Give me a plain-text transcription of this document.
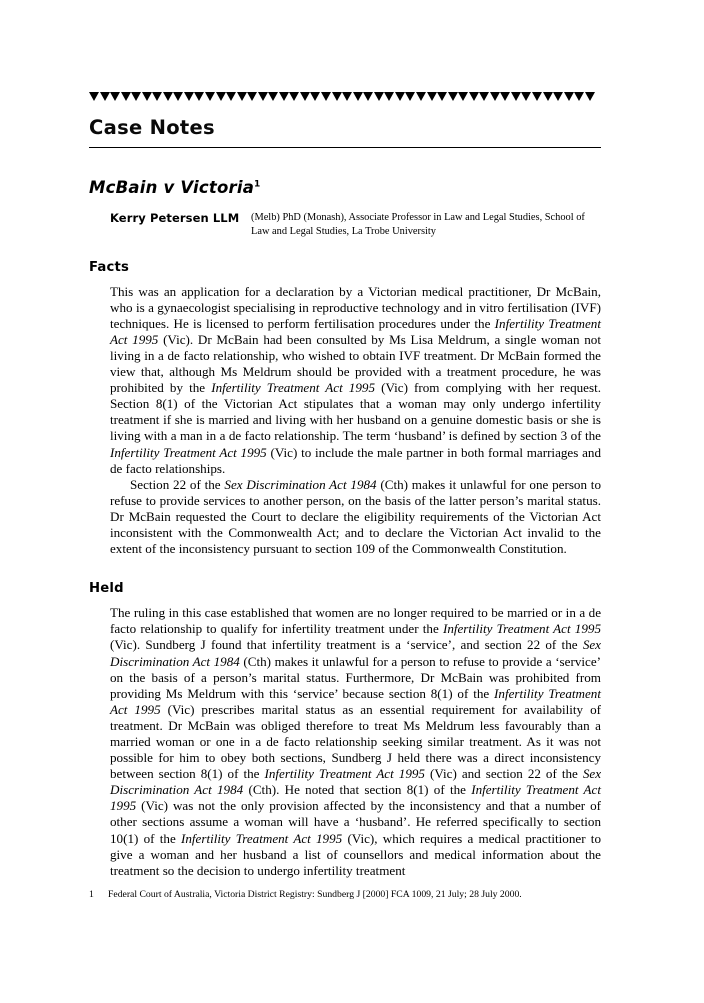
Case Notes
McBain v Victoria$^1$
Kerry Petersen LLM	(Melb) PhD (Monash), Associate Professor in Law and Legal Studies, School of Law and Legal Studies, La Trobe University
Facts

This was an application for a declaration by a Victorian medical practitioner, Dr McBain, who is a gynaecologist specialising in reproductive technology and in vitro fertilisation (IVF) techniques. He is licensed to perform fertilisation procedures under the Infertility Treatment Act 1995 (Vic). Dr McBain had been consulted by Ms Lisa Meldrum, a single woman not living in a de facto relationship, who wished to obtain IVF treatment. Dr McBain formed the view that, although Ms Meldrum should be provided with a treatment procedure, he was prohibited by the Infertility Treatment Act 1995 (Vic) from complying with her request. Section 8(1) of the Victorian Act stipulates that a woman may only undergo infertility treatment if she is married and living with her husband on a genuine domestic basis or she is living with a man in a de facto relationship. The term ‘husband’ is defined by section 3 of the Infertility Treatment Act 1995 (Vic) to include the male partner in both formal marriages and de facto relationships.

Section 22 of the Sex Discrimination Act 1984 (Cth) makes it unlawful for one person to refuse to provide services to another person, on the basis of the latter person’s marital status. Dr McBain requested the Court to declare the eligibility requirements of the Victorian Act inconsistent with the Commonwealth Act; and to declare the Victorian Act invalid to the extent of the inconsistency pursuant to section 109 of the Commonwealth Constitution.

Held

The ruling in this case established that women are no longer required to be married or in a de facto relationship to qualify for infertility treatment under the Infertility Treatment Act 1995 (Vic). Sundberg J found that infertility treatment is a ‘service’, and section 22 of the Sex Discrimination Act 1984 (Cth) makes it unlawful for a person to refuse to provide a ‘service’ on the basis of a person’s marital status. Furthermore, Dr McBain was prohibited from providing Ms Meldrum with this ‘service’ because section 8(1) of the Infertility Treatment Act 1995 (Vic) prescribes marital status as an essential requirement for availability of treatment. Dr McBain was obliged therefore to treat Ms Meldrum less favourably than a married woman or one in a de facto relationship seeking similar treatment. As it was not possible for him to obey both sections, Sundberg J held there was a direct inconsistency between section 8(1) of the Infertility Treatment Act 1995 (Vic) and section 22 of the Sex Discrimination Act 1984 (Cth). He noted that section 8(1) of the Infertility Treatment Act 1995 (Vic) was not the only provision affected by the inconsistency and that a number of other sections assume a woman will have a ‘husband’. He referred specifically to section 10(1) of the Infertility Treatment Act 1995 (Vic), which requires a medical practitioner to give a woman and her husband a list of counsellors and medical information about the treatment so the decision to undergo infertility treatment

1	Federal Court of Australia, Victoria District Registry: Sundberg J [2000] FCA 1009, 21 July; 28 July 2000.
